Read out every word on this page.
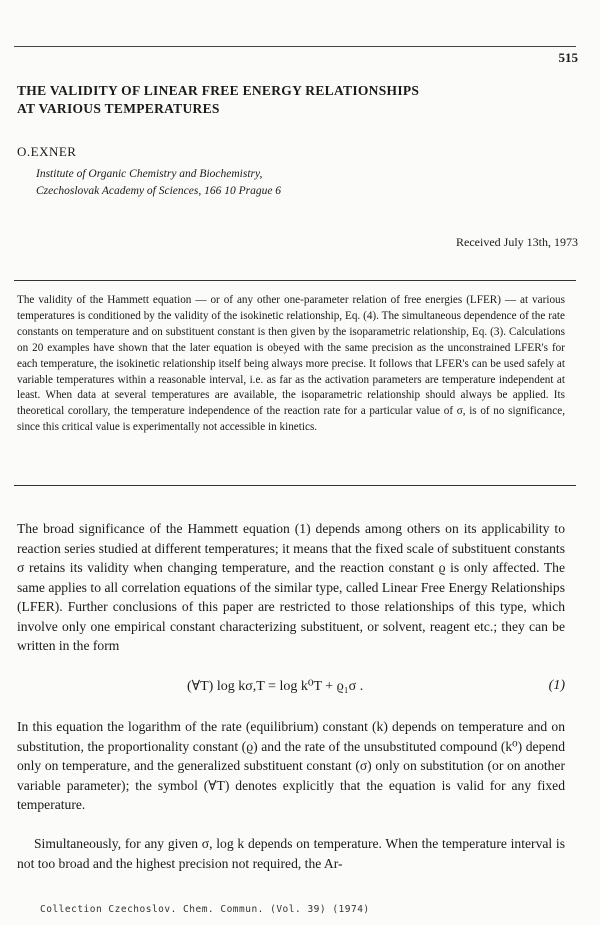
515
THE VALIDITY OF LINEAR FREE ENERGY RELATIONSHIPS
AT VARIOUS TEMPERATURES
O.EXNER
Institute of Organic Chemistry and Biochemistry,
Czechoslovak Academy of Sciences, 166 10 Prague 6
Received July 13th, 1973
The validity of the Hammett equation — or of any other one-parameter relation of free energies (LFER) — at various temperatures is conditioned by the validity of the isokinetic relationship, Eq. (4). The simultaneous dependence of the rate constants on temperature and on substituent constant is then given by the isoparametric relationship, Eq. (3). Calculations on 20 examples have shown that the later equation is obeyed with the same precision as the unconstrained LFER's for each temperature, the isokinetic relationship itself being always more precise. It follows that LFER's can be used safely at variable temperatures within a reasonable interval, i.e. as far as the activation parameters are temperature independent at least. When data at several temperatures are available, the isoparametric relationship should always be applied. Its theoretical corollary, the temperature independence of the reaction rate for a particular value of σ, is of no significance, since this critical value is experimentally not accessible in kinetics.
The broad significance of the Hammett equation (1) depends among others on its applicability to reaction series studied at different temperatures; it means that the fixed scale of substituent constants σ retains its validity when changing temperature, and the reaction constant ϱ is only affected. The same applies to all correlation equations of the similar type, called Linear Free Energy Relationships (LFER). Further conclusions of this paper are restricted to those relationships of this type, which involve only one empirical constant characterizing substituent, or solvent, reagent etc.; they can be written in the form
(∀T) log kσ,T = log k⁰T + ϱ₁σ .	(1)
In this equation the logarithm of the rate (equilibrium) constant (k) depends on temperature and on substitution, the proportionality constant (ϱ) and the rate of the unsubstituted compound (k⁰) depend only on temperature, and the generalized substituent constant (σ) only on substitution (or on another variable parameter); the symbol (∀T) denotes explicitly that the equation is valid for any fixed temperature.
Simultaneously, for any given σ, log k depends on temperature. When the temperature interval is not too broad and the highest precision not required, the Ar-
Collection Czechoslov. Chem. Commun. (Vol. 39) (1974)
